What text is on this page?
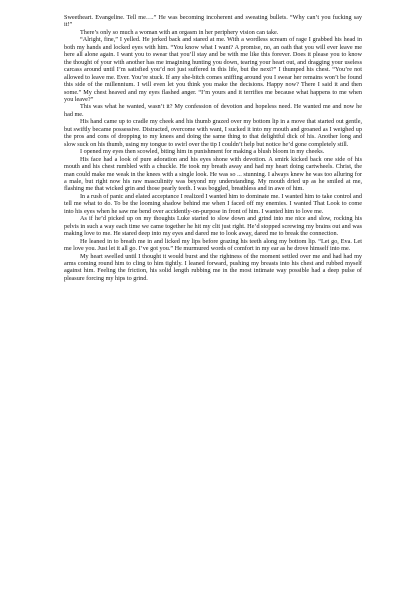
Sweetheart. Evangeline. Tell me….” He was becoming incoherent and sweating bullets. “Why can’t you fucking say it!”

There’s only so much a woman with an orgasm in her periphery vision can take.

“Alright, fine,” I yelled. He jerked back and stared at me. With a wordless scream of rage I grabbed his head in both my hands and locked eyes with him. “You know what I want? A promise, no, an oath that you will ever leave me here all alone again. I want you to swear that you’ll stay and be with me like this forever. Does it please you to know the thought of your with another has me imagining hunting you down, tearing your heart out, and dragging your useless carcass around until I’m satisfied you’d not just suffered in this life, but the next?” I thumped his chest. “You’re not allowed to leave me. Ever. You’re stuck. If any she-bitch comes sniffing around you I swear her remains won’t be found this side of the millennium. I will even let you think you make the decisions. Happy now? There I said it and then some.” My chest heaved and my eyes flashed anger. “I’m yours and it terrifies me because what happens to me when you leave?”

This was what he wanted, wasn’t it? My confession of devotion and hopeless need. He wanted me and now he had me.

His hand came up to cradle my cheek and his thumb grazed over my bottom lip in a move that started out gentle, but swiftly became possessive. Distracted, overcome with want, I sucked it into my mouth and groaned as I weighed up the pros and cons of dropping to my knees and doing the same thing to that delightful dick of his. Another long and slow suck on his thumb, using my tongue to swirl over the tip I couldn’t help but notice he’d gone completely still.

I opened my eyes then scowled, biting him in punishment for making a blush bloom in my cheeks.

His face had a look of pure adoration and his eyes shone with devotion. A smirk kicked back one side of his mouth and his chest rumbled with a chuckle. He took my breath away and had my heart doing cartwheels. Christ, the man could make me weak in the knees with a single look. He was so ... stunning. I always knew he was too alluring for a male, but right now his raw masculinity was beyond my understanding. My mouth dried up as he smiled at me, flashing me that wicked grin and those pearly teeth. I was boggled, breathless and in awe of him.

In a rush of panic and elated acceptance I realized I wanted him to dominate me. I wanted him to take control and tell me what to do. To be the looming shadow behind me when I faced off my enemies. I wanted That Look to come into his eyes when he saw me bend over accidently-on-purpose in front of him. I wanted him to love me.

As if he’d picked up on my thoughts Luke started to slow down and grind into me nice and slow, rocking his pelvis in such a way each time we came together he hit my clit just right. He’d stopped screwing my brains out and was making love to me. He stared deep into my eyes and dared me to look away, dared me to break the connection.

He leaned in to breath me in and licked my lips before grazing his teeth along my bottom lip. “Let go, Eva. Let me love you. Just let it all go. I’ve got you.” He murmured words of comfort in my ear as he drove himself into me.

My heart swelled until I thought it would burst and the rightness of the moment settled over me and had had my arms coming round him to cling to him tightly. I leaned forward, pushing my breasts into his chest and rubbed myself against him. Feeling the friction, his solid length rubbing me in the most intimate way possible had a deep pulse of pleasure forcing my hips to grind.
